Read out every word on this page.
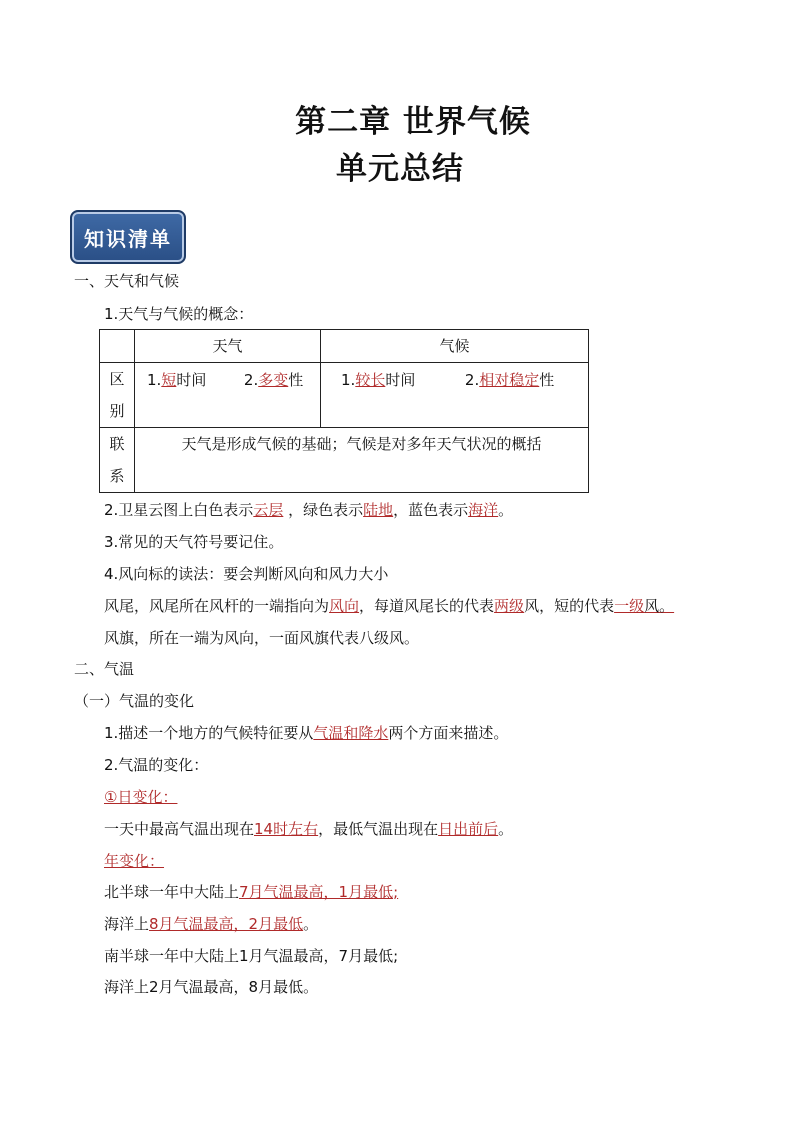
第二章 世界气候
单元总结
知识清单
一、天气和气候
1.天气与气候的概念：
	天气	气候
区别	1.短时间 2.多变性	1.较长时间 2.相对稳定性

联系	天气是形成气候的基础；气候是对多年天气状况的概括	
2.卫星云图上白色表示云层 ，绿色表示陆地，蓝色表示海洋。
3.常见的天气符号要记住。
4.风向标的读法：要会判断风向和风力大小
风尾，风尾所在风杆的一端指向为风向，每道风尾长的代表两级风，短的代表一级风。
风旗，所在一端为风向，一面风旗代表八级风。
二、气温
（一）气温的变化
1.描述一个地方的气候特征要从气温和降水两个方面来描述。
2.气温的变化：
①日变化：
一天中最高气温出现在14时左右，最低气温出现在日出前后。
年变化：
北半球一年中大陆上7月气温最高，1月最低;
海洋上8月气温最高，2月最低。
南半球一年中大陆上1月气温最高，7月最低;
海洋上2月气温最高，8月最低。
